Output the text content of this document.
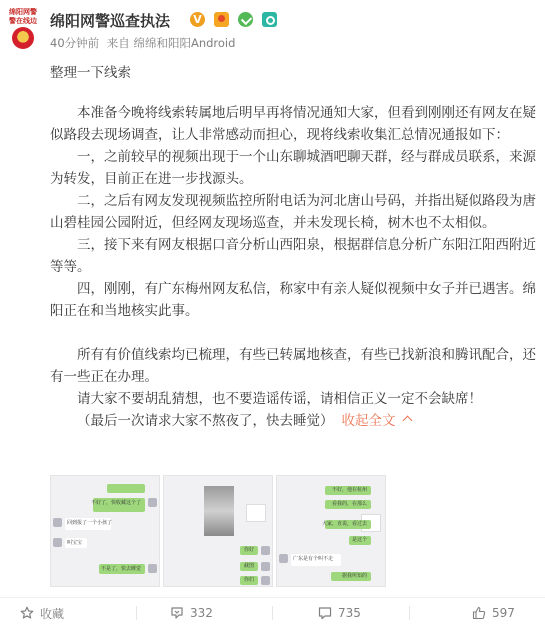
绵阳网警
警在线边 绵阳网警巡查执法 V
40分钟前 来自 绵绵和阳阳Android

整理一下线索

本准备今晚将线索转属地后明早再将情况通知大家，但看到刚刚还有网友在疑似路段去现场调查，让人非常感动而担心，现将线索收集汇总情况通报如下：

一，之前较早的视频出现于一个山东聊城酒吧聊天群，经与群成员联系，来源为转发，目前正在进一步找源头。

二，之后有网友发现视频监控所附电话为河北唐山号码，并指出疑似路段为唐山碧桂园公园附近，但经网友现场巡查，并未发现长椅，树木也不太相似。

三，接下来有网友根据口音分析山西阳泉，根据群信息分析广东阳江阳西附近等等。

四，刚刚，有广东梅州网友私信，称家中有亲人疑似视频中女子并已遇害。绵阳正在和当地核实此事。

所有有价值线索均已梳理，有些已转属地核查，有些已找新浪和腾讯配合，还有一些正在办理。

请大家不要胡乱猜想，也不要造谣传谣，请相信正义一定不会缺席！

（最后一次请求大家不熬夜了，快去睡觉） 收起全文

不好了，快收藏这个了
回到报了一个小孩了
叫宝宝
不是了，快去睡觉
你好
截图
你们
不好，他在杭州
看我的，在那么
大家，直说，看过去
是这个
广东是有个叫不走
据我所知的
收藏	332	735	597
